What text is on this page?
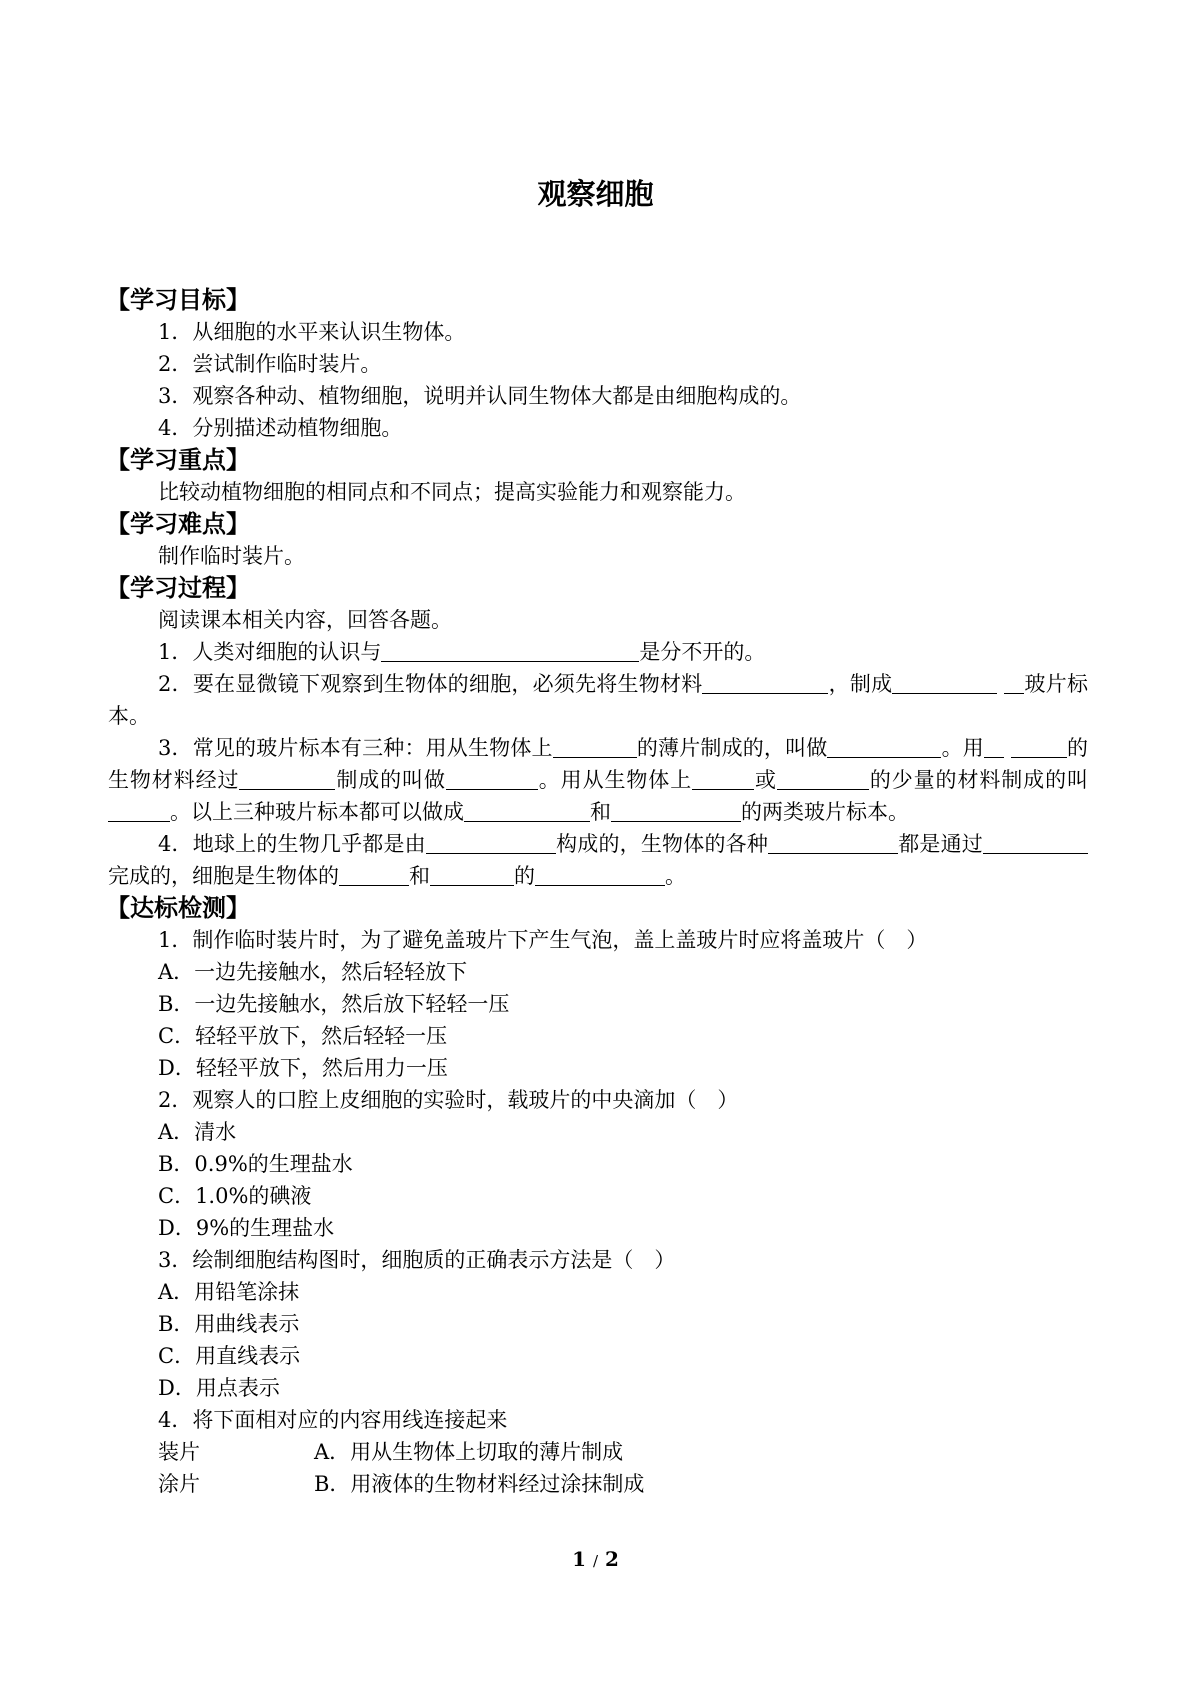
观察细胞
【学习目标】
1．从细胞的水平来认识生物体。
2．尝试制作临时装片。
3．观察各种动、植物细胞，说明并认同生物体大都是由细胞构成的。
4．分别描述动植物细胞。
【学习重点】
比较动植物细胞的相同点和不同点；提高实验能力和观察能力。
【学习难点】
制作临时装片。
【学习过程】
阅读课本相关内容，回答各题。
1．人类对细胞的认识与	是分不开的。
2．要在显微镜下观察到生物体的细胞，必须先将生物材料	，制成	玻片标本。
3．常见的玻片标本有三种：用从生物体上	的薄片制成的，叫做	。用	的生物材料经过	制成的叫做	。用从生物体上	或	的少量的材料制成的叫。以上三种玻片标本都可以做成	和	的两类玻片标本。
4．地球上的生物几乎都是由	构成的，生物体的各种	都是通过完成的，细胞是生物体的	和	的	。
【达标检测】
1．制作临时装片时，为了避免盖玻片下产生气泡，盖上盖玻片时应将盖玻片（　）
A．一边先接触水，然后轻轻放下
B．一边先接触水，然后放下轻轻一压
C．轻轻平放下，然后轻轻一压
D．轻轻平放下，然后用力一压
2．观察人的口腔上皮细胞的实验时，载玻片的中央滴加（　）
A．清水
B．0.9%的生理盐水
C．1.0%的碘液
D．9%的生理盐水
3．绘制细胞结构图时，细胞质的正确表示方法是（　）
A．用铅笔涂抹
B．用曲线表示
C．用直线表示
D．用点表示
4．将下面相对应的内容用线连接起来
装片	A．用从生物体上切取的薄片制成
涂片	B．用液体的生物材料经过涂抹制成
1 / 2
